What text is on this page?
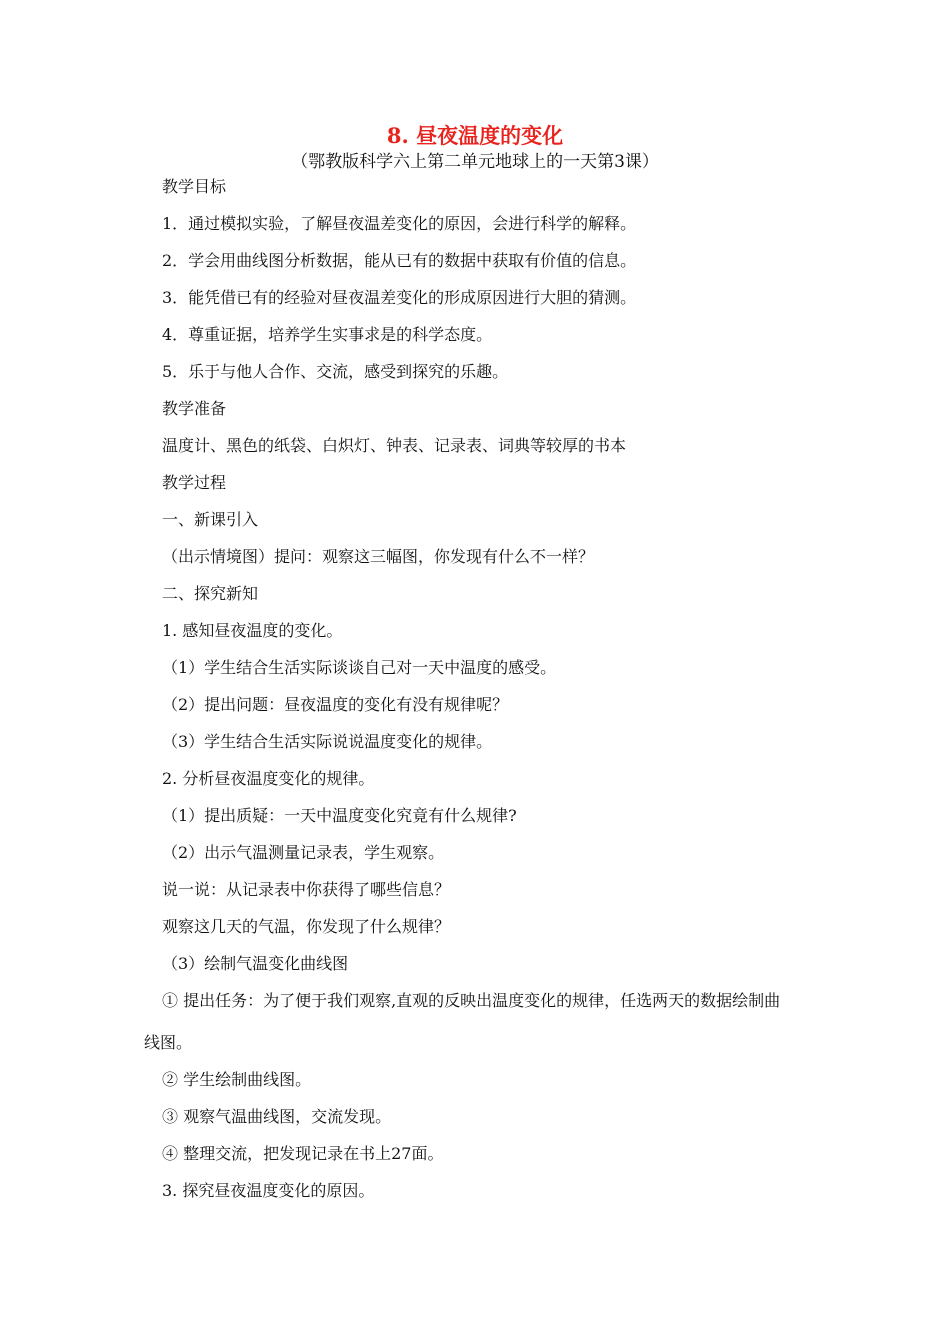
8. 昼夜温度的变化
（鄂教版科学六上第二单元地球上的一天第3课）
教学目标
1．通过模拟实验，了解昼夜温差变化的原因，会进行科学的解释。
2．学会用曲线图分析数据，能从已有的数据中获取有价值的信息。
3．能凭借已有的经验对昼夜温差变化的形成原因进行大胆的猜测。
4．尊重证据，培养学生实事求是的科学态度。
5．乐于与他人合作、交流，感受到探究的乐趣。
教学准备
温度计、黑色的纸袋、白炽灯、钟表、记录表、词典等较厚的书本
教学过程
一、新课引入
（出示情境图）提问：观察这三幅图，你发现有什么不一样？
二、探究新知
1. 感知昼夜温度的变化。
（1）学生结合生活实际谈谈自己对一天中温度的感受。
（2）提出问题：昼夜温度的变化有没有规律呢？
（3）学生结合生活实际说说温度变化的规律。
2. 分析昼夜温度变化的规律。
（1）提出质疑：一天中温度变化究竟有什么规律?
（2）出示气温测量记录表，学生观察。
说一说：从记录表中你获得了哪些信息？
观察这几天的气温，你发现了什么规律？
（3）绘制气温变化曲线图
① 提出任务：为了便于我们观察,直观的反映出温度变化的规律，任选两天的数据绘制曲
线图。
② 学生绘制曲线图。
③ 观察气温曲线图，交流发现。
④ 整理交流，把发现记录在书上27面。
3. 探究昼夜温度变化的原因。
